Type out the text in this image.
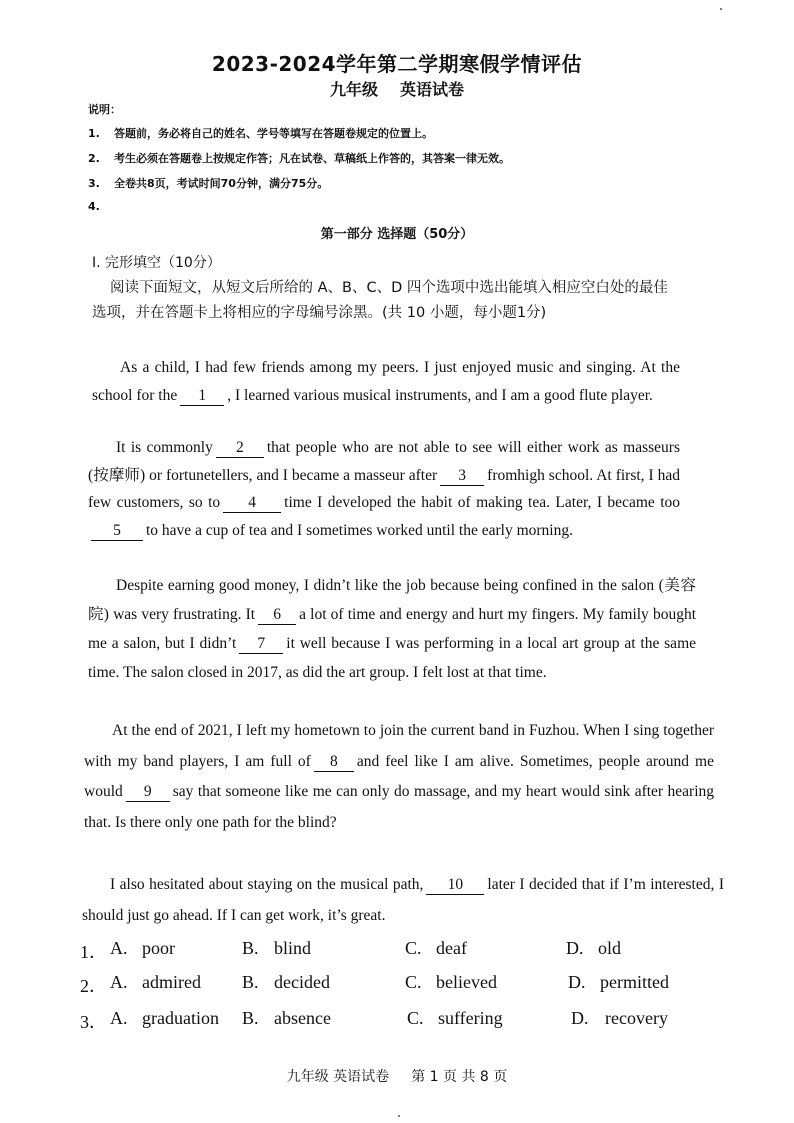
2023-2024学年第二学期寒假学情评估
九年级 英语试卷
说明：
1. 答题前，务必将自己的姓名、学号等填写在答题卷规定的位置上。
2. 考生必须在答题卷上按规定作答；凡在试卷、草稿纸上作答的，其答案一律无效。
3. 全卷共8页，考试时间70分钟，满分75分。
4.
第一部分 选择题（50分）
I. 完形填空（10分）
阅读下面短文，从短文后所给的 A、B、C、D 四个选项中选出能填入相应空白处的最佳选项，并在答题卡上将相应的字母编号涂黑。(共 10 小题，每小题1分)
As a child, I had few friends among my peers. I just enjoyed music and singing. At the school for the 1 , I learned various musical instruments, and I am a good flute player.
It is commonly 2 that people who are not able to see will either work as masseurs (按摩师) or fortunetellers, and I became a masseur after 3 fromhigh school. At first, I had few customers, so to 4 time I developed the habit of making tea. Later, I became too5 to have a cup of tea and I sometimes worked until the early morning.
Despite earning good money, I didn’t like the job because being confined in the salon (美容院) was very frustrating. It 6 a lot of time and energy and hurt my fingers. My family bought me a salon, but I didn’t 7 it well because I was performing in a local art group at the same time. The salon closed in 2017, as did the art group. I felt lost at that time.
At the end of 2021, I left my hometown to join the current band in Fuzhou. When I sing together with my band players, I am full of 8 and feel like I am alive. Sometimes, people around me would 9 say that someone like me can only do massage, and my heart would sink after hearing that. Is there only one path for the blind?
I also hesitated about staying on the musical path, 10 later I decided that if I’m interested, I should just go ahead. If I can get work, it’s great.
1． A. poor	B. blind	C. deaf	D. old
2． A. admired B. decided	C. believed	D. permitted
3． A. graduation B. absence	C. suffering	D. recovery
九年级 英语试卷 第 1 页 共 8 页
